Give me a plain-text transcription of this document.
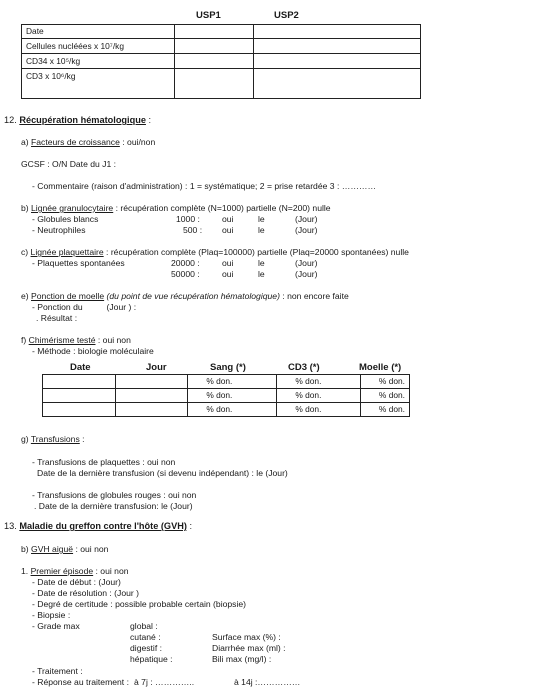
USP1	USP2
Date		
Cellules nucléées x 10⁷/kg		
CD34 x 10⁵/kg		
CD3 x 10⁶/kg		
12. Récupération hématologique :
a) Facteurs de croissance : oui/non
GCSF : O/N Date du J1 :
- Commentaire (raison d'administration) : 1 = systématique; 2 = prise retardée 3 : …………
b) Lignée granulocytaire : récupération complète (N=1000) partielle (N=200) nulle
- Globules blancs	1000 :	oui	le	(Jour)
- Neutrophiles	500 : oui	le	(Jour)
c) Lignée plaquettaire : récupération complète (Plaq=100000) partielle (Plaq=20000 spontanées) nulle
- Plaquettes spontanées	20000 :	oui	le	(Jour)
50000 :	oui	le	(Jour)
e) Ponction de moelle (du point de vue récupération hématologique) : non encore faite
- Ponction du          (Jour ) :
. Résultat :
f) Chimérisme testé : oui non
- Méthode : biologie moléculaire
Date	Jour	Sang (*)	CD3 (*)	Moelle (*)
		% don.	% don.	% don.
		% don.	% don.	% don.
		% don.	% don.	% don.
g) Transfusions :
- Transfusions de plaquettes : oui non
Date de la dernière transfusion (si devenu indépendant) : le (Jour)
- Transfusions de globules rouges : oui non
. Date de la dernière transfusion: le (Jour)
13. Maladie du greffon contre l'hôte (GVH) :
b) GVH aiguë : oui non
1. Premier épisode : oui non
- Date de début : (Jour)
- Date de résolution : (Jour )
- Degré de certitude : possible probable certain (biopsie)
- Biopsie :
- Grade max	global :
cutané :	Surface max (%) :
digestif :	Diarrhée max (ml) :
hépatique :	Bili max (mg/l) :
- Traitement :
- Réponse au traitement : à 7j : …………..	à 14j :……………
